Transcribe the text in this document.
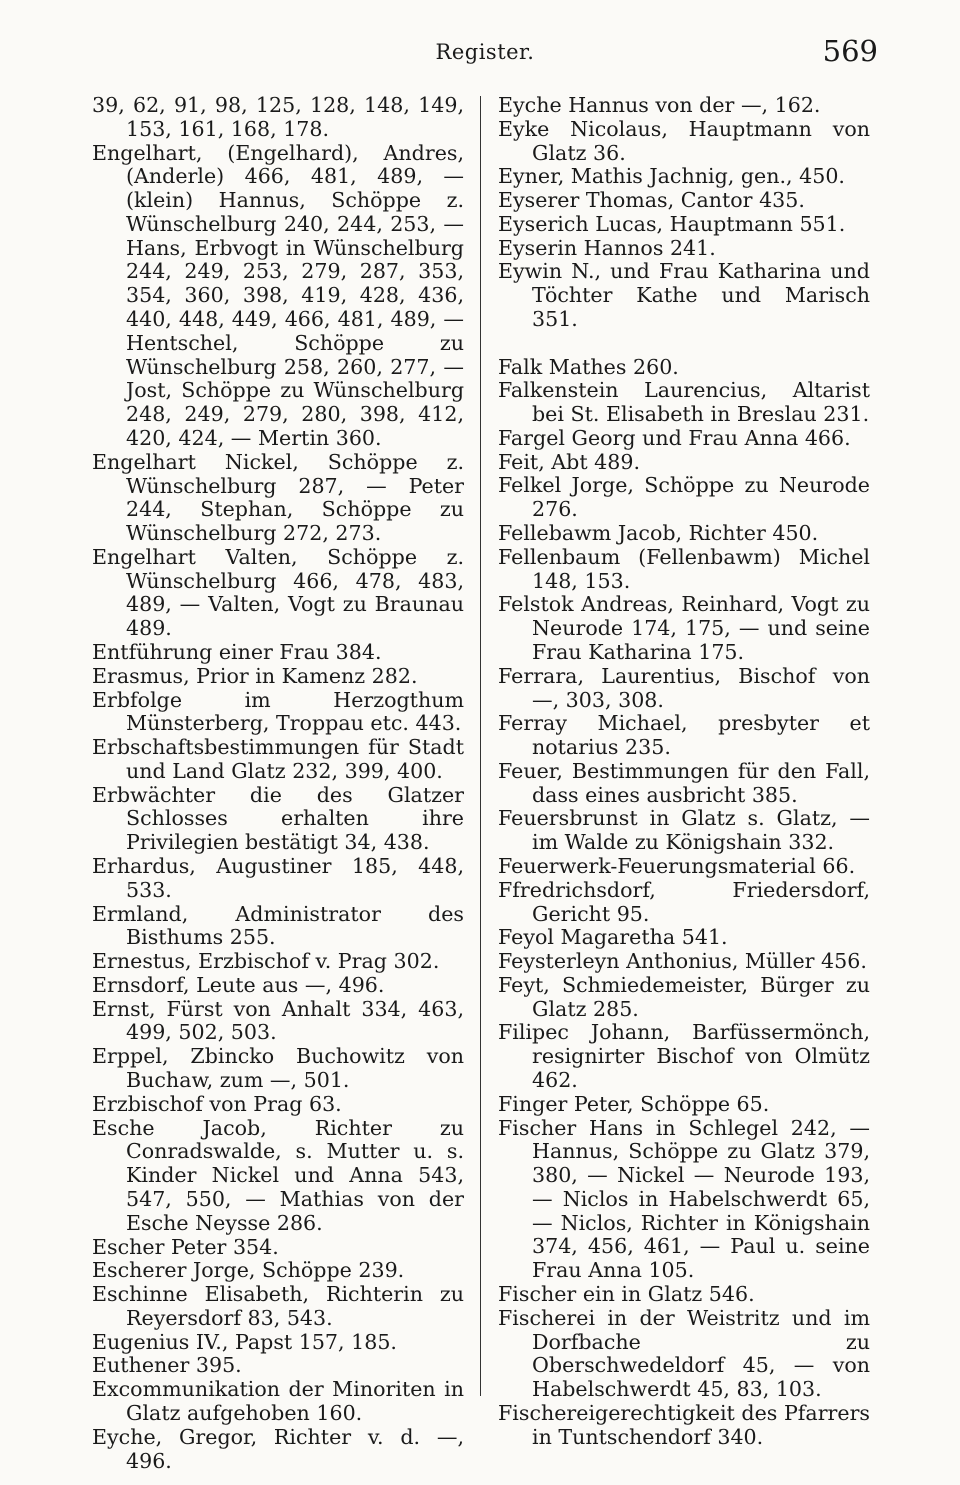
Register.	569
39, 62, 91, 98, 125, 128, 148, 149, 153, 161, 168, 178.
Engelhart, (Engelhard), Andres, (Anderle) 466, 481, 489, — (klein) Hannus, Schöppe z. Wünschelburg 240, 244, 253, — Hans, Erbvogt in Wünschelburg 244, 249, 253, 279, 287, 353, 354, 360, 398, 419, 428, 436, 440, 448, 449, 466, 481, 489, — Hentschel, Schöppe zu Wünschelburg 258, 260, 277, — Jost, Schöppe zu Wünschelburg 248, 249, 279, 280, 398, 412, 420, 424, — Mertin 360.
Engelhart Nickel, Schöppe z. Wünschelburg 287, — Peter 244, Stephan, Schöppe zu Wünschelburg 272, 273.
Engelhart Valten, Schöppe z. Wünschelburg 466, 478, 483, 489, — Valten, Vogt zu Braunau 489.
Entführung einer Frau 384.
Erasmus, Prior in Kamenz 282.
Erbfolge im Herzogthum Münsterberg, Troppau etc. 443.
Erbschaftsbestimmungen für Stadt und Land Glatz 232, 399, 400.
Erbwächter die des Glatzer Schlosses erhalten ihre Privilegien bestätigt 34, 438.
Erhardus, Augustiner 185, 448, 533.
Ermland, Administrator des Bisthums 255.
Ernestus, Erzbischof v. Prag 302.
Ernsdorf, Leute aus —, 496.
Ernst, Fürst von Anhalt 334, 463, 499, 502, 503.
Erppel, Zbincko Buchowitz von Buchaw, zum —, 501.
Erzbischof von Prag 63.
Esche Jacob, Richter zu Conradswalde, s. Mutter u. s. Kinder Nickel und Anna 543, 547, 550, — Mathias von der Esche Neysse 286.
Escher Peter 354.
Escherer Jorge, Schöppe 239.
Eschinne Elisabeth, Richterin zu Reyersdorf 83, 543.
Eugenius IV., Papst 157, 185.
Euthener 395.
Excommunikation der Minoriten in Glatz aufgehoben 160.
Eyche, Gregor, Richter v. d. —, 496.
Eyche Hannus von der —, 162.
Eyke Nicolaus, Hauptmann von Glatz 36.
Eyner, Mathis Jachnig, gen., 450.
Eyserer Thomas, Cantor 435.
Eyserich Lucas, Hauptmann 551.
Eyserin Hannos 241.
Eywin N., und Frau Katharina und Töchter Kathe und Marisch 351.
Falk Mathes 260.
Falkenstein Laurencius, Altarist bei St. Elisabeth in Breslau 231.
Fargel Georg und Frau Anna 466.
Feit, Abt 489.
Felkel Jorge, Schöppe zu Neurode 276.
Fellebawm Jacob, Richter 450.
Fellenbaum (Fellenbawm) Michel 148, 153.
Felstok Andreas, Reinhard, Vogt zu Neurode 174, 175, — und seine Frau Katharina 175.
Ferrara, Laurentius, Bischof von —, 303, 308.
Ferray Michael, presbyter et notarius 235.
Feuer, Bestimmungen für den Fall, dass eines ausbricht 385.
Feuersbrunst in Glatz s. Glatz, — im Walde zu Königshain 332.
Feuerwerk-Feuerungsmaterial 66.
Ffredrichsdorf, Friedersdorf, Gericht 95.
Feyol Magaretha 541.
Feysterleyn Anthonius, Müller 456.
Feyt, Schmiedemeister, Bürger zu Glatz 285.
Filipec Johann, Barfüssermönch, resignirter Bischof von Olmütz 462.
Finger Peter, Schöppe 65.
Fischer Hans in Schlegel 242, — Hannus, Schöppe zu Glatz 379, 380, — Nickel — Neurode 193, — Niclos in Habelschwerdt 65, — Niclos, Richter in Königshain 374, 456, 461, — Paul u. seine Frau Anna 105.
Fischer ein in Glatz 546.
Fischerei in der Weistritz und im Dorfbache zu Oberschwedeldorf 45, — von Habelschwerdt 45, 83, 103.
Fischereigerechtigkeit des Pfarrers in Tuntschendorf 340.
